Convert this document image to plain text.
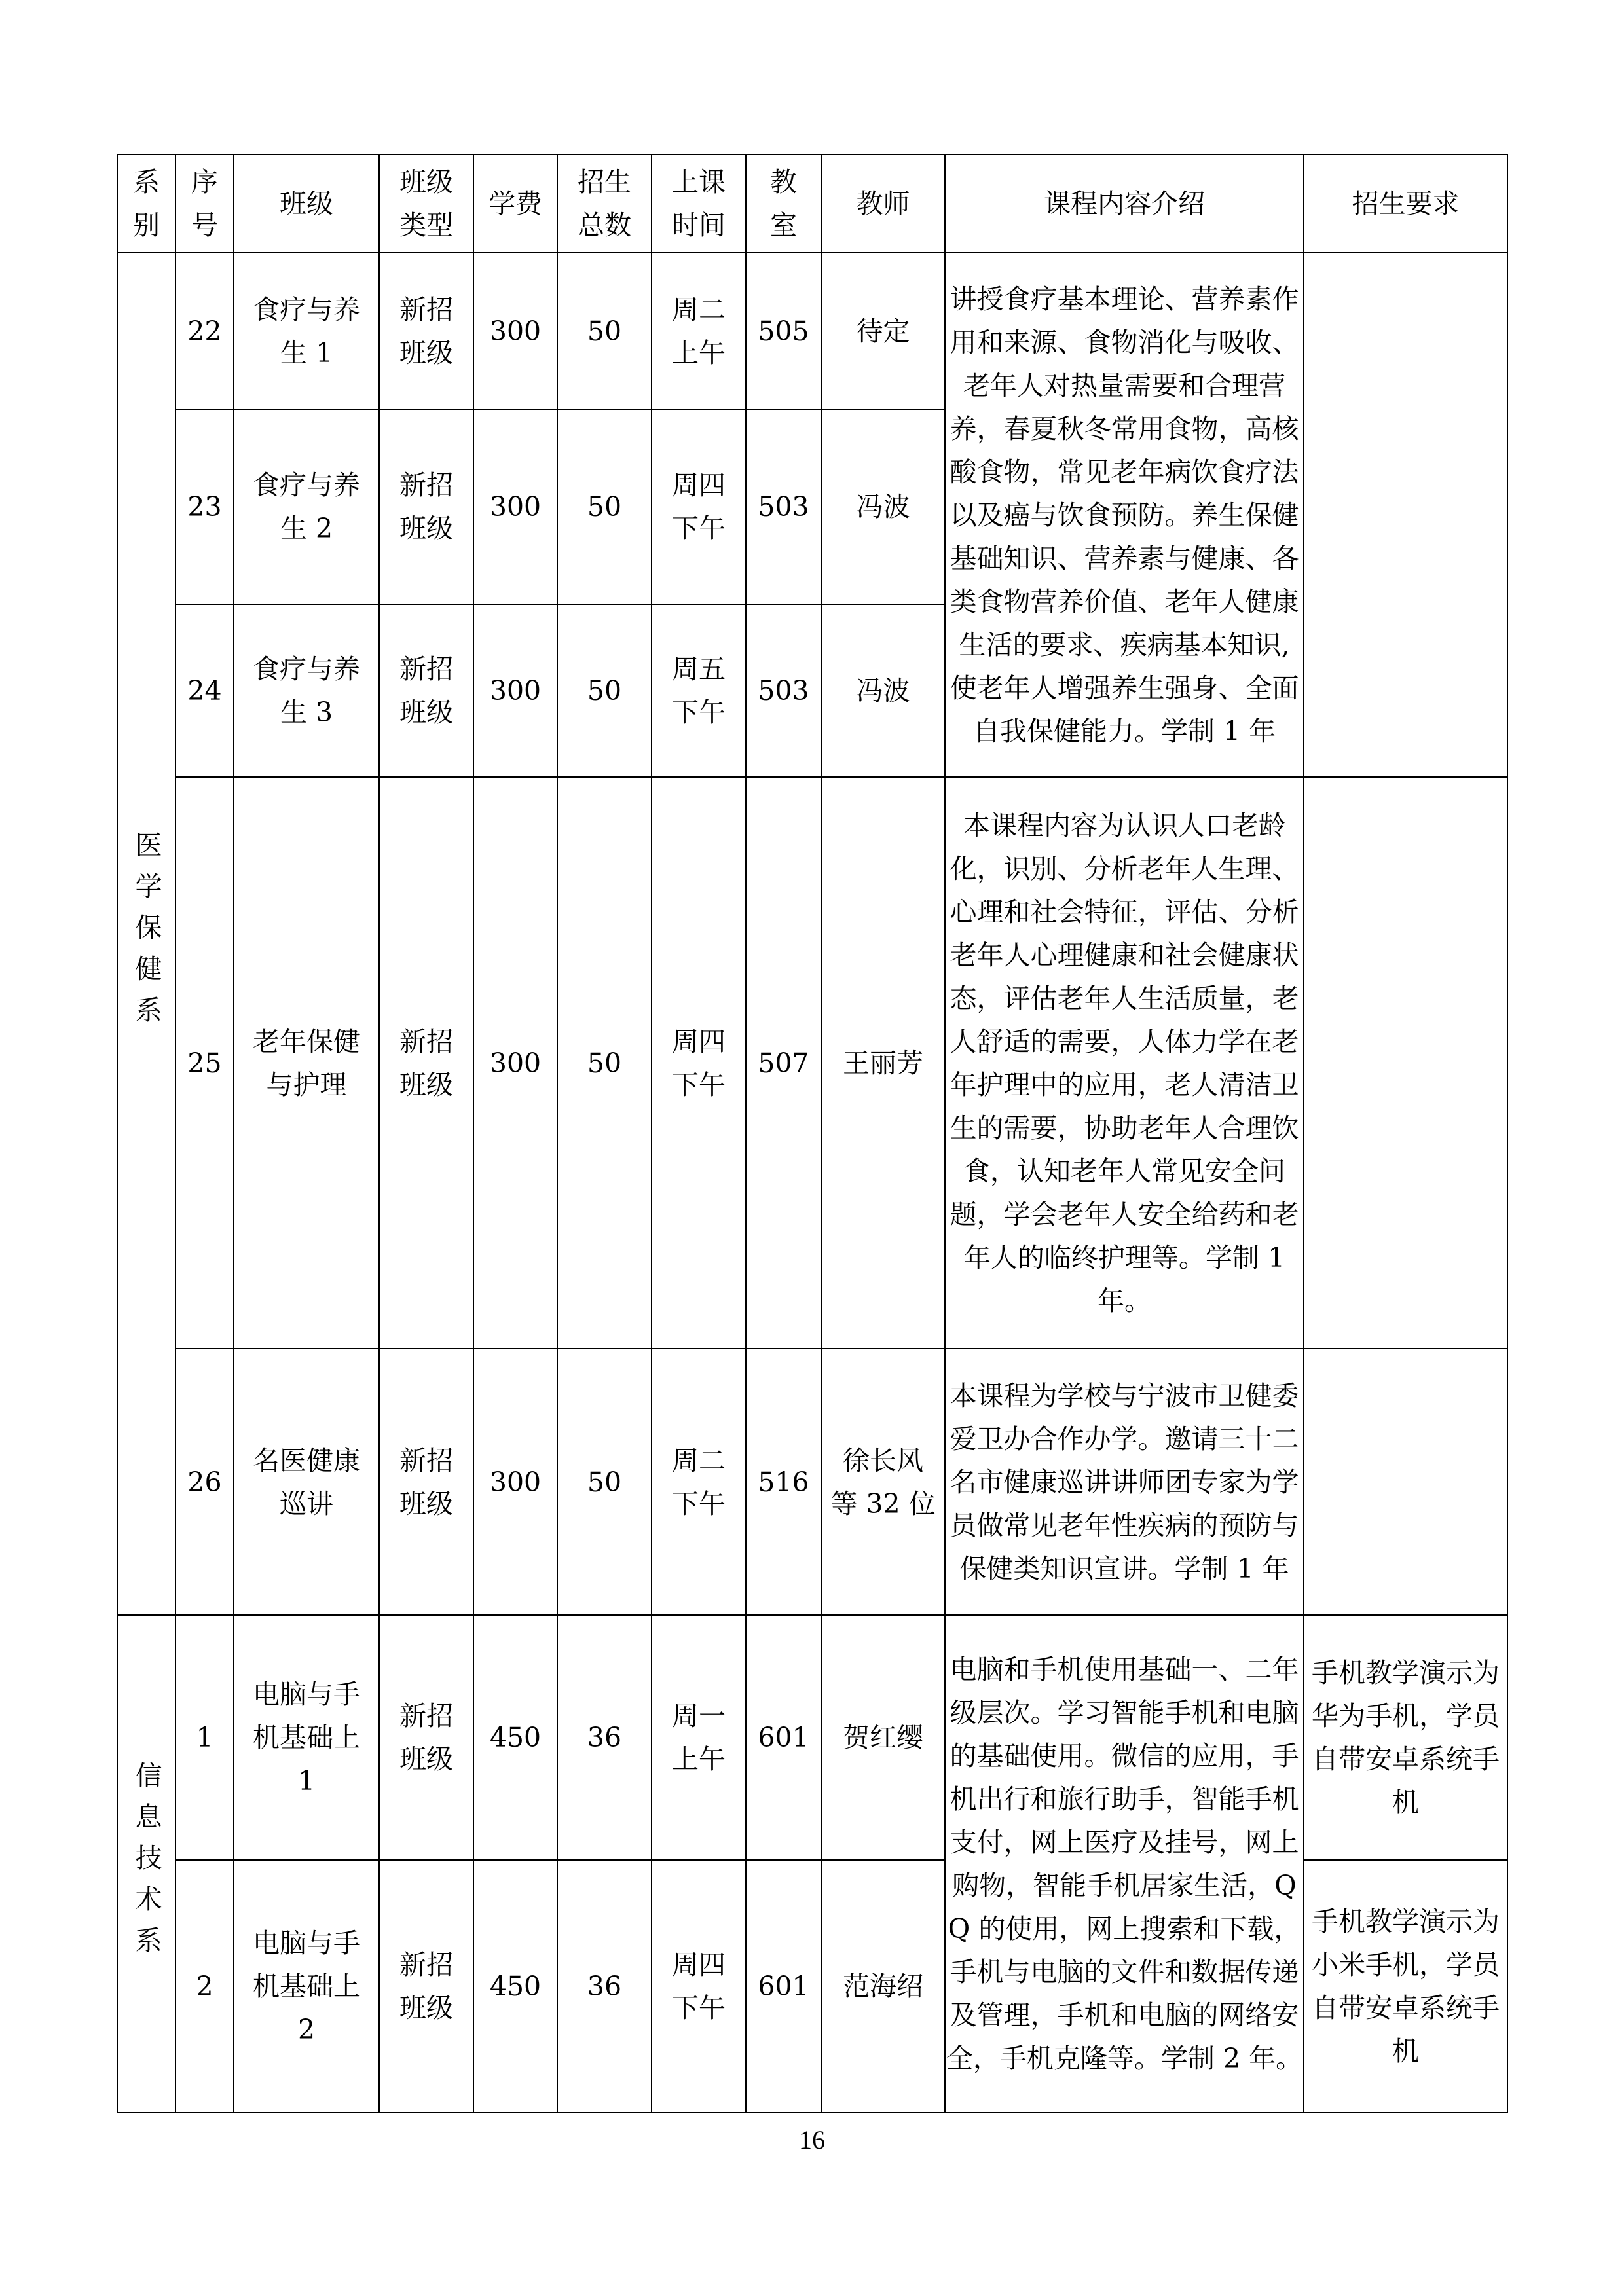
系别	序号	班级	班级类型	学费	招生总数	上课时间	教室	教师	课程内容介绍	招生要求
医学保健系	22	食疗与养生 1	新招班级	300	50	周二上午	505	待定	讲授食疗基本理论、营养素作用和来源、食物消化与吸收、老年人对热量需要和合理营养，春夏秋冬常用食物，高核酸食物，常见老年病饮食疗法以及癌与饮食预防。养生保健基础知识、营养素与健康、各类食物营养价值、老年人健康生活的要求、疾病基本知识,使老年人增强养生强身、全面自我保健能力。学制 1 年	
	23	食疗与养生 2	新招班级	300	50	周四下午	503	冯波		
	24	食疗与养生 3	新招班级	300	50	周五下午	503	冯波		
	25	老年保健与护理	新招班级	300	50	周四下午	507	王丽芳	本课程内容为认识人口老龄化，识别、分析老年人生理、心理和社会特征，评估、分析老年人心理健康和社会健康状态，评估老年人生活质量，老人舒适的需要，人体力学在老年护理中的应用，老人清洁卫生的需要，协助老年人合理饮食，认知老年人常见安全问题，学会老年人安全给药和老年人的临终护理等。学制 1 年。	
	26	名医健康巡讲	新招班级	300	50	周二下午	516	徐长风等 32 位	本课程为学校与宁波市卫健委爱卫办合作办学。邀请三十二名市健康巡讲讲师团专家为学员做常见老年性疾病的预防与保健类知识宣讲。学制 1 年	
信息技术系	1	电脑与手机基础上 1	新招班级	450	36	周一上午	601	贺红缨	电脑和手机使用基础一、二年级层次。学习智能手机和电脑的基础使用。微信的应用，手机出行和旅行助手，智能手机支付，网上医疗及挂号，网上购物，智能手机居家生活，QQ 的使用，网上搜索和下载，手机与电脑的文件和数据传递及管理，手机和电脑的网络安全，手机克隆等。学制 2 年。	手机教学演示为华为手机，学员自带安卓系统手机
	2	电脑与手机基础上 2	新招班级	450	36	周四下午	601	范海绍		手机教学演示为小米手机，学员自带安卓系统手机
16
